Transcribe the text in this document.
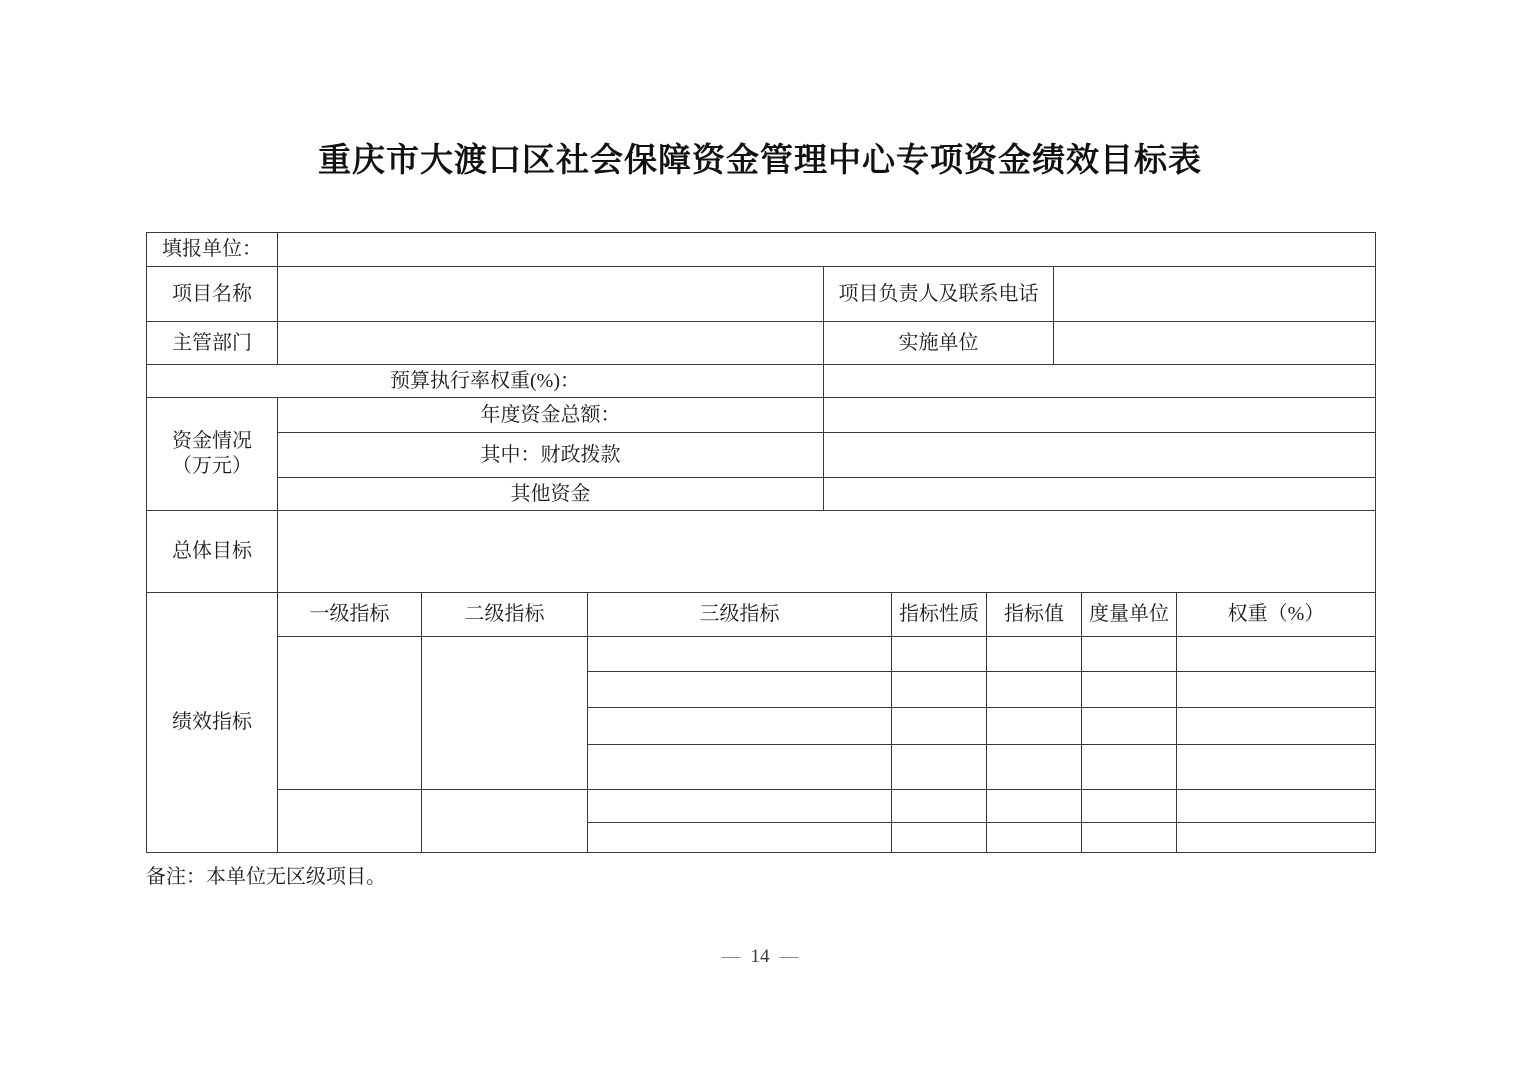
重庆市大渡口区社会保障资金管理中心专项资金绩效目标表
填报单位：									
项目名称				项目负责人及联系电话					
主管部门				实施单位					
预算执行率权重(%)：									

资金情况
（万元）	年度资金总额：								
	其中：财政拨款								
	其他资金								
总体目标									
绩效指标	一级指标	二级指标	三级指标		指标性质	指标值		度量单位	权重（%）

备注：本单位无区级项目。
— 14 —
